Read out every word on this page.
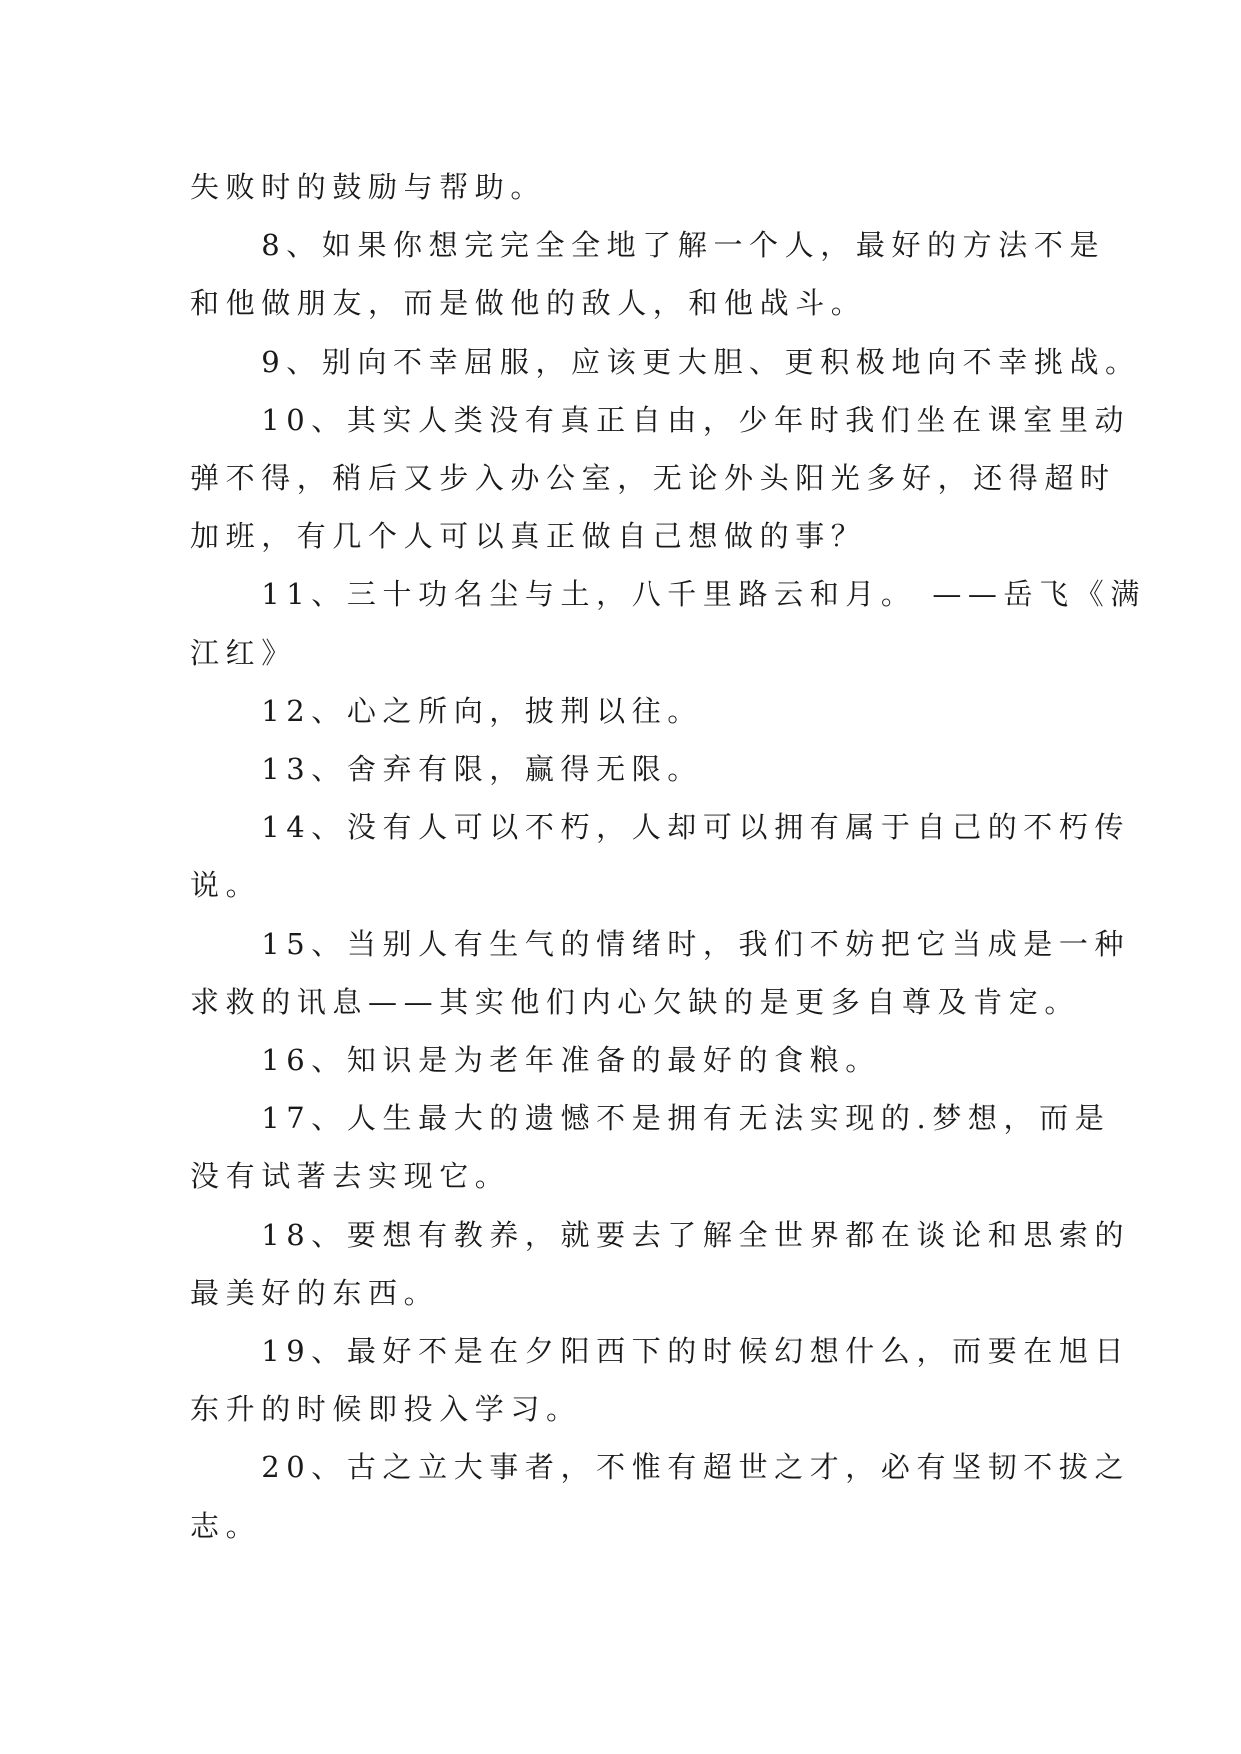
失败时的鼓励与帮助。

　　8、如果你想完完全全地了解一个人，最好的方法不是
和他做朋友，而是做他的敌人，和他战斗。

　　9、别向不幸屈服，应该更大胆、更积极地向不幸挑战。

　　10、其实人类没有真正自由，少年时我们坐在课室里动
弹不得，稍后又步入办公室，无论外头阳光多好，还得超时
加班，有几个人可以真正做自己想做的事？

　　11、三十功名尘与土，八千里路云和月。 ——岳飞《满
江红》

　　12、心之所向，披荆以往。

　　13、舍弃有限，赢得无限。

　　14、没有人可以不朽，人却可以拥有属于自己的不朽传
说。

　　15、当别人有生气的情绪时，我们不妨把它当成是一种
求救的讯息——其实他们内心欠缺的是更多自尊及肯定。

　　16、知识是为老年准备的最好的食粮。

　　17、人生最大的遗憾不是拥有无法实现的.梦想，而是
没有试著去实现它。

　　18、要想有教养，就要去了解全世界都在谈论和思索的
最美好的东西。

　　19、最好不是在夕阳西下的时候幻想什么，而要在旭日
东升的时候即投入学习。

　　20、古之立大事者，不惟有超世之才，必有坚韧不拔之
志。
